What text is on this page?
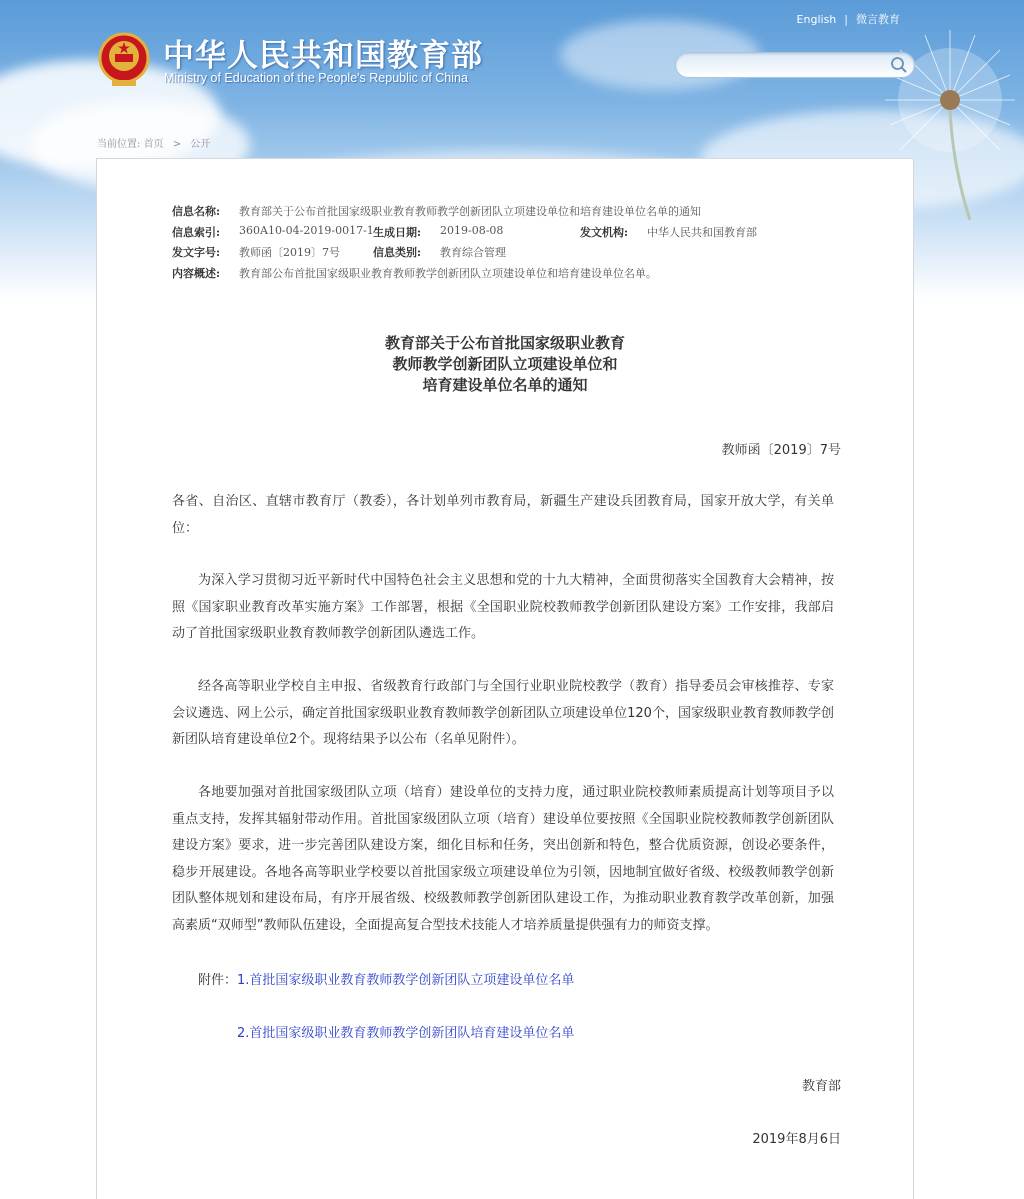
中华人民共和国教育部
Ministry of Education of the People's Republic of China
English | 微言教育
当前位置: 首页 > 公开
信息名称: 教育部关于公布首批国家级职业教育教师教学创新团队立项建设单位和培育建设单位名单的通知
信息索引: 360A10-04-2019-0017-1 生成日期: 2019-08-08	发文机构: 中华人民共和国教育部
发文字号: 教师函〔2019〕7号	信息类别: 教育综合管理
内容概述: 教育部公布首批国家级职业教育教师教学创新团队立项建设单位和培育建设单位名单。
教育部关于公布首批国家级职业教育
教师教学创新团队立项建设单位和
培育建设单位名单的通知
教师函〔2019〕7号
各省、自治区、直辖市教育厅（教委），各计划单列市教育局，新疆生产建设兵团教育局，国家开放大学，有关单位：
为深入学习贯彻习近平新时代中国特色社会主义思想和党的十九大精神，全面贯彻落实全国教育大会精神，按照《国家职业教育改革实施方案》工作部署，根据《全国职业院校教师教学创新团队建设方案》工作安排，我部启动了首批国家级职业教育教师教学创新团队遴选工作。
经各高等职业学校自主申报、省级教育行政部门与全国行业职业院校教学（教育）指导委员会审核推荐、专家会议遴选、网上公示，确定首批国家级职业教育教师教学创新团队立项建设单位120个，国家级职业教育教师教学创新团队培育建设单位2个。现将结果予以公布（名单见附件）。
各地要加强对首批国家级团队立项（培育）建设单位的支持力度，通过职业院校教师素质提高计划等项目予以重点支持，发挥其辐射带动作用。首批国家级团队立项（培育）建设单位要按照《全国职业院校教师教学创新团队建设方案》要求，进一步完善团队建设方案，细化目标和任务，突出创新和特色，整合优质资源，创设必要条件，稳步开展建设。各地各高等职业学校要以首批国家级立项建设单位为引领，因地制宜做好省级、校级教师教学创新团队整体规划和建设布局，有序开展省级、校级教师教学创新团队建设工作，为推动职业教育教学改革创新，加强高素质“双师型”教师队伍建设，全面提高复合型技术技能人才培养质量提供强有力的师资支撑。
附件：1.首批国家级职业教育教师教学创新团队立项建设单位名单
2.首批国家级职业教育教师教学创新团队培育建设单位名单
教育部
2019年8月6日
